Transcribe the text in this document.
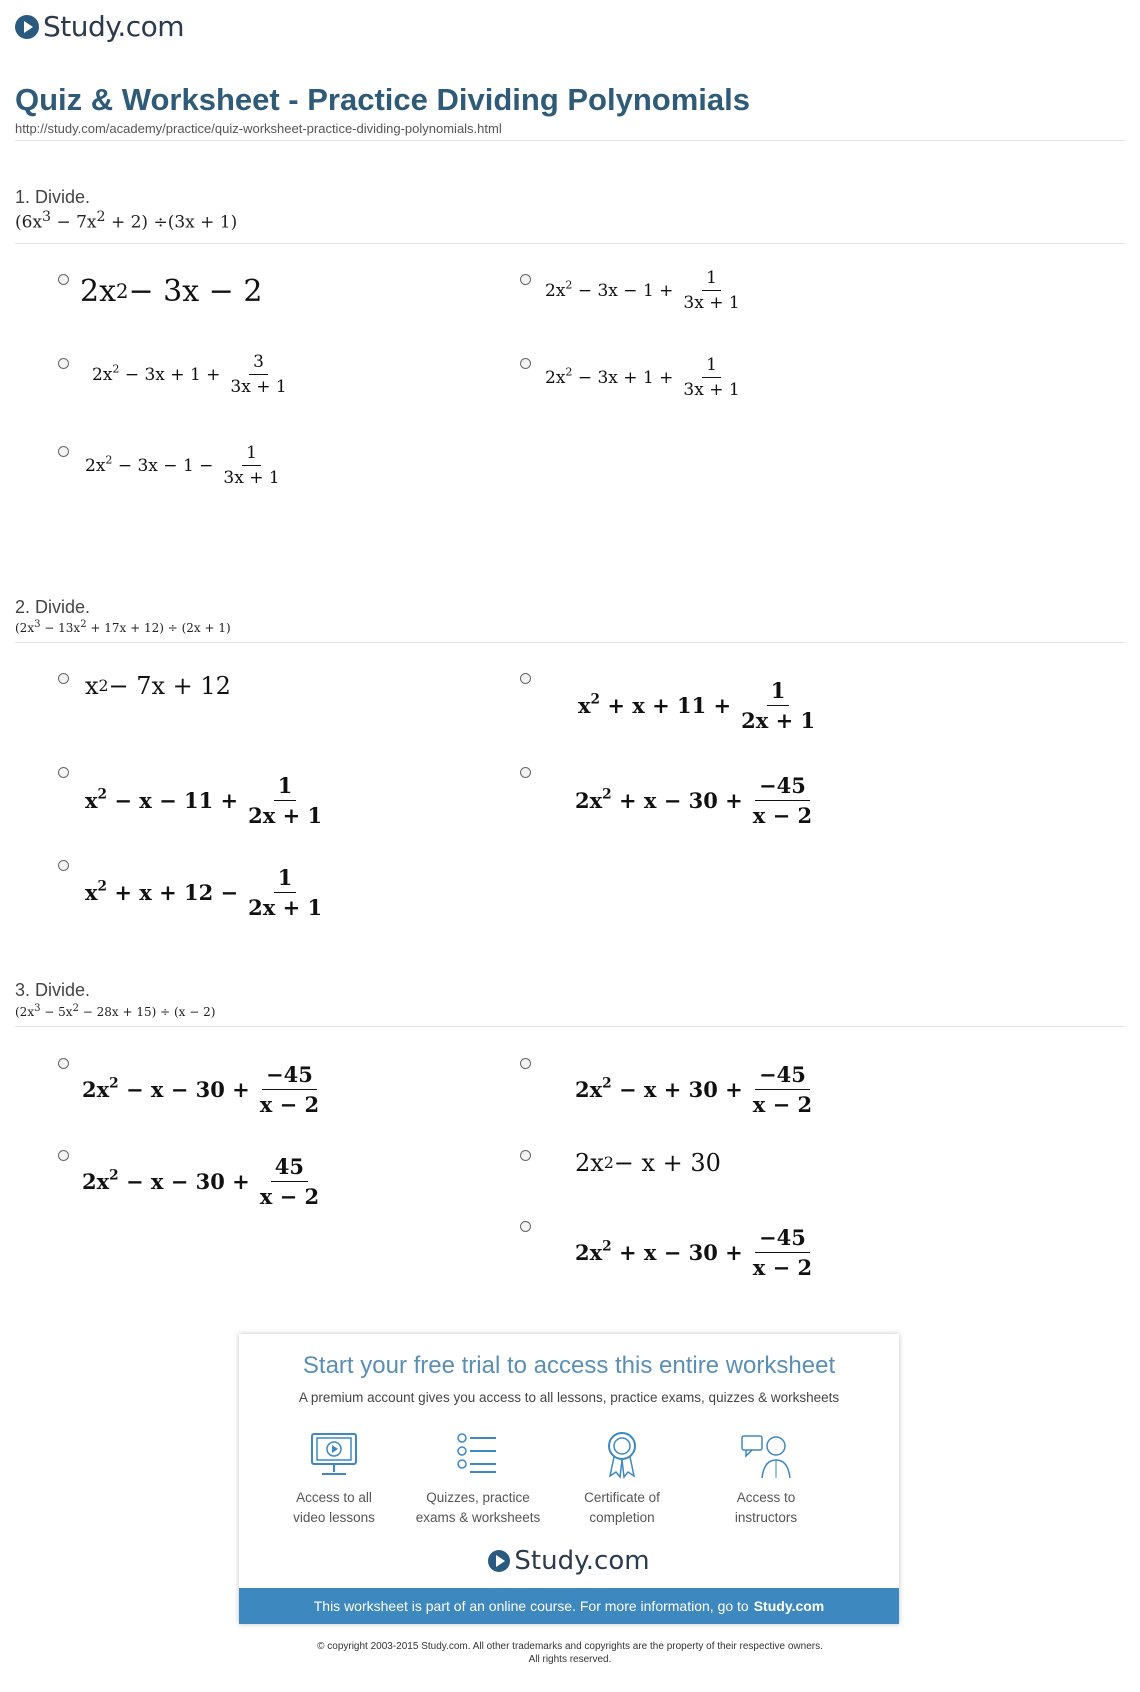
Study.com
Quiz & Worksheet - Practice Dividing Polynomials
http://study.com/academy/practice/quiz-worksheet-practice-dividing-polynomials.html
1. Divide.
$(6x^3 - 7x^2 + 2) \div(3x + 1)$
2x 2 − 3x − 2	$2x^2 - 3x - 1 + \frac{1}{3x + 1}$
$2x^2 - 3x + 1 + \frac{3}{3x + 1}$	$2x^2 - 3x + 1 + \frac{1}{3x + 1}$
$2x^2 - 3x - 1 - \frac{1}{3x + 1}$
2. Divide.
$(2x^3 - 13x^2 + 17x + 12) \div (2x + 1)$
x 2 − 7x + 12
$x^2 + x + 11 + \frac{1}{2x + 1}$
$x^2 - x - 11 + \frac{1}{2x + 1}$	$2x^2 + x - 30 + \frac{-45}{x - 2}$
$x^2 + x + 12 - \frac{1}{2x + 1}$
3. Divide.
$(2x^3 - 5x^2 - 28x + 15) \div (x - 2)$
$2x^2 - x - 30 + \frac{-45}{x - 2}$	$2x^2 - x + 30 + \frac{-45}{x - 2}$
$2x^2 - x - 30 + \frac{45}{x - 2}$	2x 2 − x + 30
$2x^2 + x - 30 + \frac{-45}{x - 2}$
Start your free trial to access this entire worksheet
A premium account gives you access to all lessons, practice exams, quizzes & worksheets
Access to all
video lessons
Quizzes, practice
exams & worksheets
Certificate of
completion
Access to
instructors
Study.com
This worksheet is part of an online course. For more information, go to Study.com
© copyright 2003-2015 Study.com. All other trademarks and copyrights are the property of their respective owners.
All rights reserved.
